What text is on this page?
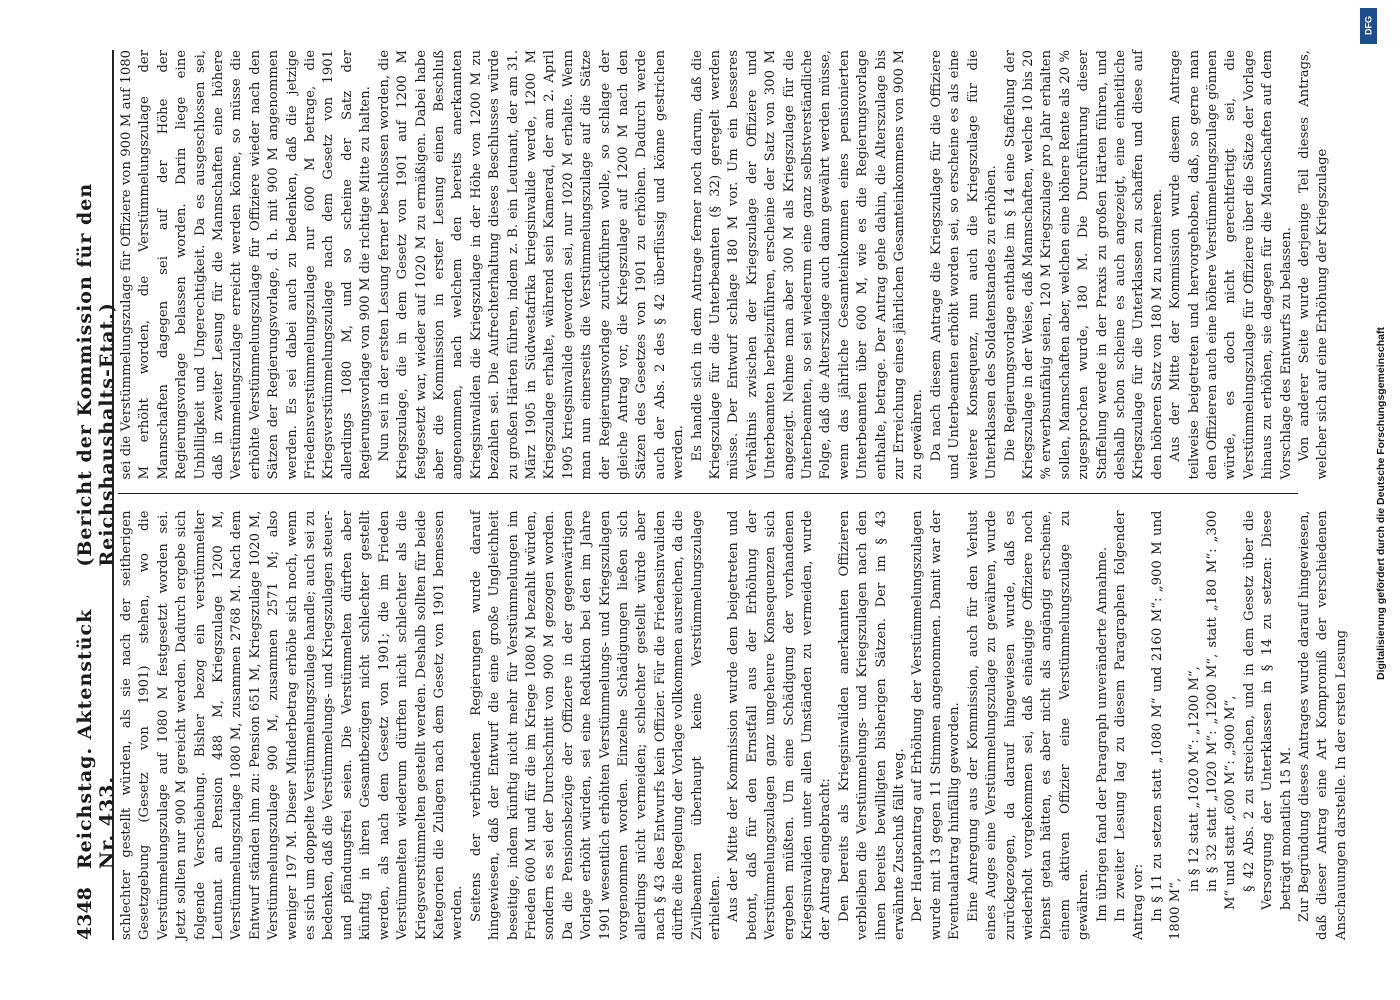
4348
Reichstag. Aktenstück Nr. 433.
(Bericht der Kommission für den Reichshaushalts-Etat.)

schlechter gestellt würden, als sie nach der seitherigen Gesetzgebung (Gesetz von 1901) stehen, wo die Verstümmelungszulage auf 1080 M festgesetzt worden sei. Jetzt sollten nur 900 M gereicht werden. Dadurch ergebe sich folgende Verschiebung. Bisher bezog ein verstümmelter Leutnant an Pension 488 M, Kriegszulage 1200 M, Verstümmelungszulage 1080 M, zusammen 2768 M. Nach dem Entwurf ständen ihm zu: Pension 651 M, Kriegszulage 1020 M, Verstümmelungszulage 900 M, zusammen 2571 M; also weniger 197 M. Dieser Minderbetrag erhöhe sich noch, wenn es sich um doppelte Verstümmelungszulage handle; auch sei zu bedenken, daß die Verstümmelungs- und Kriegszulagen steuer- und pfändungsfrei seien. Die Verstümmelten dürften aber künftig in ihren Gesamtbezügen nicht schlechter gestellt werden, als nach dem Gesetz von 1901; die im Frieden Verstümmelten wiederum dürften nicht schlechter als die Kriegsverstümmelten gestellt werden. Deshalb sollten für beide Kategorien die Zulagen nach dem Gesetz von 1901 bemessen werden. Seitens der verbündeten Regierungen wurde darauf hingewiesen, daß der Entwurf die eine große Ungleichheit beseitige, indem künftig nicht mehr für Verstümmelungen im Frieden 600 M und für die im Kriege 1080 M bezahlt würden, sondern es sei der Durchschnitt von 900 M gezogen worden. Da die Pensionsbezüge der Offiziere in der gegenwärtigen Vorlage erhöht würden, sei eine Reduktion bei den im Jahre 1901 wesentlich erhöhten Verstümmelungs- und Kriegszulagen vorgenommen worden. Einzelne Schädigungen ließen sich allerdings nicht vermeiden; schlechter gestellt würde aber nach § 43 des Entwurfs kein Offizier. Für die Friedensinvaliden dürfte die Regelung der Vorlage vollkommen ausreichen, da die Zivilbeamten überhaupt keine Verstümmelungszulage erhielten. Aus der Mitte der Kommission wurde dem beigetreten und betont, daß für den Ernstfall aus der Erhöhung der Verstümmelungszulagen ganz ungeheure Konsequenzen sich ergeben müßten. Um eine Schädigung der vorhandenen Kriegsinvaliden unter allen Umständen zu vermeiden, wurde der Antrag eingebracht: Den bereits als Kriegsinvaliden anerkannten Offizieren verbleiben die Verstümmelungs- und Kriegszulagen nach den ihnen bereits bewilligten bisherigen Sätzen. Der im § 43 erwähnte Zuschuß fällt weg. Der Hauptantrag auf Erhöhung der Verstümmelungszulagen wurde mit 13 gegen 11 Stimmen angenommen. Damit war der Eventualantrag hinfällig geworden. Eine Anregung aus der Kommission, auch für den Verlust eines Auges eine Verstümmelungszulage zu gewähren, wurde zurückgezogen, da darauf hingewiesen wurde, daß es wiederholt vorgekommen sei, daß einäugige Offiziere noch Dienst getan hätten, es aber nicht als angängig erscheine, einem aktiven Offizier eine Verstümmelungszulage zu gewähren. Im übrigen fand der Paragraph unveränderte Annahme. In zweiter Lesung lag zu diesem Paragraphen folgender Antrag vor: In § 11 zu setzen statt „1080 M“ und 2160 M“: „900 M und 1800 M“,

in § 12 statt „1020 M“: „1200 M“, in § 32 statt „1020 M“: „1200 M“, statt „180 M“: „300 M“ und statt „600 M“: „900 M“, § 42 Abs. 2 zu streichen, und in dem Gesetz über die Versorgung der Unterklassen in § 14 zu setzen: Diese beträgt monatlich 15 M. Zur Begründung dieses Antrages wurde darauf hingewiesen, daß dieser Antrag eine Art Kompromiß der verschiedenen Anschauungen darstelle. In der ersten Lesung

sei die Verstümmelungszulage für Offiziere von 900 M auf 1080 M erhöht worden, die Verstümmelungszulage der Mannschaften dagegen sei auf der Höhe der Regierungsvorlage belassen worden. Darin liege eine Unbilligkeit und Ungerechtigkeit. Da es ausgeschlossen sei, daß in zweiter Lesung für die Mannschaften eine höhere Verstümmelungszulage erreicht werden könne, so müsse die erhöhte Verstümmelungszulage für Offiziere wieder nach den Sätzen der Regierungsvorlage, d. h. mit 900 M angenommen werden. Es sei dabei auch zu bedenken, daß die jetzige Friedensverstümmelungszulage nur 600 M betrage, die Kriegsverstümmelungszulage nach dem Gesetz von 1901 allerdings 1080 M, und so scheine der Satz der Regierungsvorlage von 900 M die richtige Mitte zu halten. Nun sei in der ersten Lesung ferner beschlossen worden, die Kriegszulage, die in dem Gesetz von 1901 auf 1200 M festgesetzt war, wieder auf 1020 M zu ermäßigen. Dabei habe aber die Kommission in erster Lesung einen Beschluß angenommen, nach welchem den bereits anerkannten Kriegsinvaliden die Kriegszulage in der Höhe von 1200 M zu bezahlen sei. Die Aufrechterhaltung dieses Beschlusses würde zu großen Härten führen, indem z. B. ein Leutnant, der am 31. März 1905 in Südwestafrika kriegsinvalide werde, 1200 M Kriegszulage erhalte, während sein Kamerad, der am 2. April 1905 kriegsinvalide geworden sei, nur 1020 M erhalte. Wenn man nun einerseits die Verstümmelungszulage auf die Sätze der Regierungsvorlage zurückführen wolle, so schlage der gleiche Antrag vor, die Kriegszulage auf 1200 M nach den Sätzen des Gesetzes von 1901 zu erhöhen. Dadurch werde auch der Abs. 2 des § 42 überflüssig und könne gestrichen werden. Es handle sich in dem Antrage ferner noch darum, daß die Kriegszulage für die Unterbeamten (§ 32) geregelt werden müsse. Der Entwurf schlage 180 M vor. Um ein besseres Verhältnis zwischen der Kriegszulage der Offiziere und Unterbeamten herbeizuführen, erscheine der Satz von 300 M angezeigt. Nehme man aber 300 M als Kriegszulage für die Unterbeamten, so sei wiederum eine ganz selbstverständliche Folge, daß die Alterszulage auch dann gewährt werden müsse, wenn das jährliche Gesamteinkommen eines pensionierten Unterbeamten über 600 M, wie es die Regierungsvorlage enthalte, betrage. Der Antrag gehe dahin, die Alterszulage bis zur Erreichung eines jährlichen Gesamteinkommens von 900 M zu gewähren. Da nach diesem Antrage die Kriegszulage für die Offiziere und Unterbeamten erhöht worden sei, so erscheine es als eine weitere Konsequenz, nun auch die Kriegszulage für die Unterklassen des Soldatenstandes zu erhöhen. Die Regierungsvorlage enthalte im § 14 eine Staffelung der Kriegszulage in der Weise, daß Mannschaften, welche 10 bis 20 % erwerbsunfähig seien, 120 M Kriegszulage pro Jahr erhalten sollen, Mannschaften aber, welchen eine höhere Rente als 20 % zugesprochen wurde, 180 M. Die Durchführung dieser Staffelung werde in der Praxis zu großen Härten führen, und deshalb schon scheine es auch angezeigt, eine einheitliche Kriegszulage für die Unterklassen zu schaffen und diese auf den höheren Satz von 180 M zu normieren. Aus der Mitte der Kommission wurde diesem Antrage teilweise beigetreten und hervorgehoben, daß, so gerne man den Offizieren auch eine höhere Verstümmelungszulage gönnen würde, es doch nicht gerechtfertigt sei, die Verstümmelungszulage für Offiziere über die Sätze der Vorlage hinaus zu erhöhen, sie dagegen für die Mannschaften auf dem Vorschlage des Entwurfs zu belassen. Von anderer Seite wurde derjenige Teil dieses Antrags, welcher sich auf eine Erhöhung der Kriegszulage

DFG
Digitalisierung gefördert durch die Deutsche Forschungsgemeinschaft
